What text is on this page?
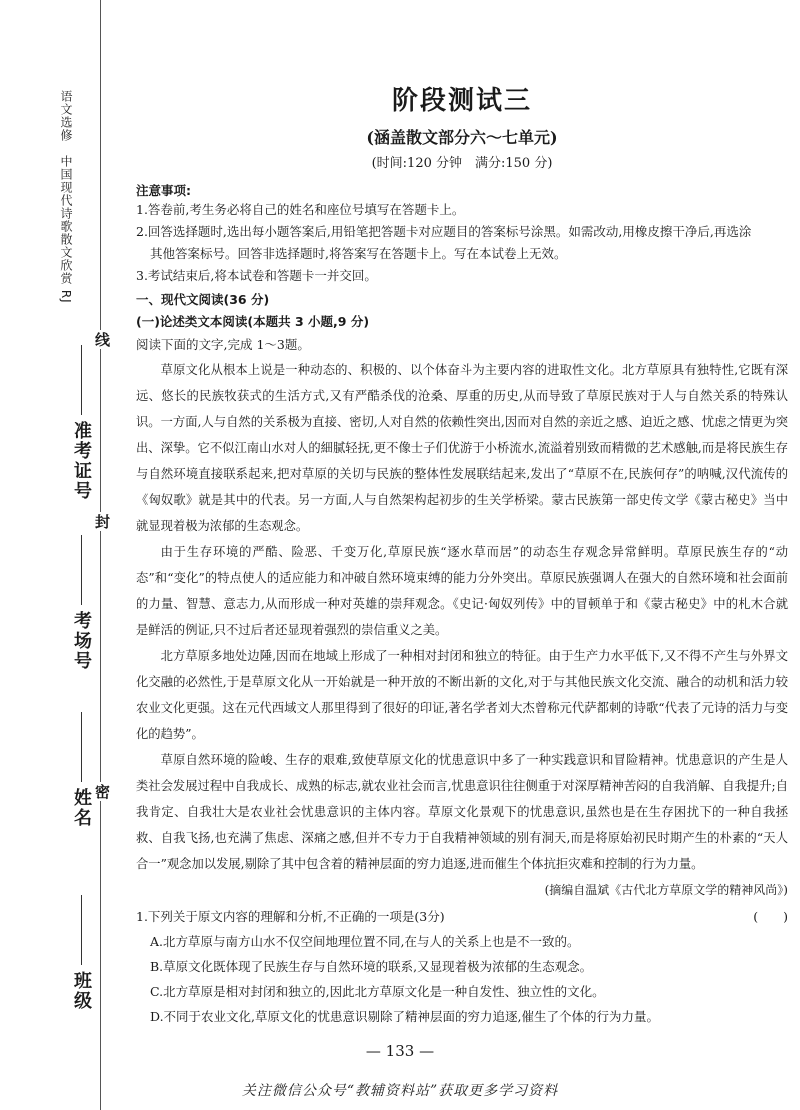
语文选修　中国现代诗歌散文欣赏 RJ
线
封
密
准考证号
考场号
姓名
班级
阶段测试三
(涵盖散文部分六～七单元)
(时间:120 分钟　满分:150 分)
注意事项:
1.答卷前,考生务必将自己的姓名和座位号填写在答题卡上。
2.回答选择题时,选出每小题答案后,用铅笔把答题卡对应题目的答案标号涂黑。如需改动,用橡皮擦干净后,再选涂
其他答案标号。回答非选择题时,将答案写在答题卡上。写在本试卷上无效。
3.考试结束后,将本试卷和答题卡一并交回。
一、现代文阅读(36 分)
(一)论述类文本阅读(本题共 3 小题,9 分)
阅读下面的文字,完成 1～3题。

草原文化从根本上说是一种动态的、积极的、以个体奋斗为主要内容的进取性文化。北方草原具有独特性,它既有深远、悠长的民族牧获式的生活方式,又有严酷杀伐的沧桑、厚重的历史,从而导致了草原民族对于人与自然关系的特殊认识。一方面,人与自然的关系极为直接、密切,人对自然的依赖性突出,因而对自然的亲近之感、迫近之感、忧虑之情更为突出、深挚。它不似江南山水对人的細腻轻抚,更不像士子们优游于小桥流水,流溢着别致而精微的艺术感触,而是将民族生存与自然环境直接联系起来,把对草原的关切与民族的整体性发展联结起来,发出了“草原不在,民族何存”的呐喊,汉代流传的《匈奴歌》就是其中的代表。另一方面,人与自然架构起初步的生关学桥梁。蒙古民族第一部史传文学《蒙古秘史》当中就显现着极为浓郁的生态观念。

由于生存环境的严酷、险恶、千变万化,草原民族“逐水草而居”的动态生存观念异常鲜明。草原民族生存的“动态”和“变化”的特点使人的适应能力和冲破自然环境束缚的能力分外突出。草原民族强调人在强大的自然环境和社会面前的力量、智慧、意志力,从而形成一种对英雄的崇拜观念。《史记·匈奴列传》中的冒顿单于和《蒙古秘史》中的札木合就是鲜活的例证,只不过后者还显现着强烈的崇信重义之美。

北方草原多地处边陲,因而在地域上形成了一种相对封闭和独立的特征。由于生产力水平低下,又不得不产生与外界文化交融的必然性,于是草原文化从一开始就是一种开放的不断出新的文化,对于与其他民族文化交流、融合的动机和活力较农业文化更强。这在元代西域文人那里得到了很好的印证,著名学者刘大杰曾称元代萨都刺的诗歌“代表了元诗的活力与变化的趋势”。

草原自然环境的险峻、生存的艰难,致使草原文化的忧患意识中多了一种实践意识和冒险精神。忧患意识的产生是人类社会发展过程中自我成长、成熟的标志,就农业社会而言,忧患意识往往侧重于对深厚精神苦闷的自我消解、自我提升;自我肯定、自我壮大是农业社会忧患意识的主体内容。草原文化景观下的忧患意识,虽然也是在生存困扰下的一种自我拯救、自我飞扬,也充满了焦虑、深痛之感,但并不专力于自我精神领域的别有洞天,而是将原始初民时期产生的朴素的“天人合一”观念加以发展,剔除了其中包含着的精神层面的穷力追逐,进而催生个体抗拒灾难和控制的行为力量。

(摘编自温斌《古代北方草原文学的精神风尚》)
1.下列关于原文内容的理解和分析,不正确的一项是(3分)	(　　)
A.北方草原与南方山水不仅空间地理位置不同,在与人的关系上也是不一致的。
B.草原文化既体现了民族生存与自然环境的联系,又显现着极为浓郁的生态观念。
C.北方草原是相对封闭和独立的,因此北方草原文化是一种自发性、独立性的文化。
D.不同于农业文化,草原文化的忧患意识剔除了精神层面的穷力追逐,催生了个体的行为力量。
— 133 —
关注微信公众号“教辅资料站”获取更多学习资料
